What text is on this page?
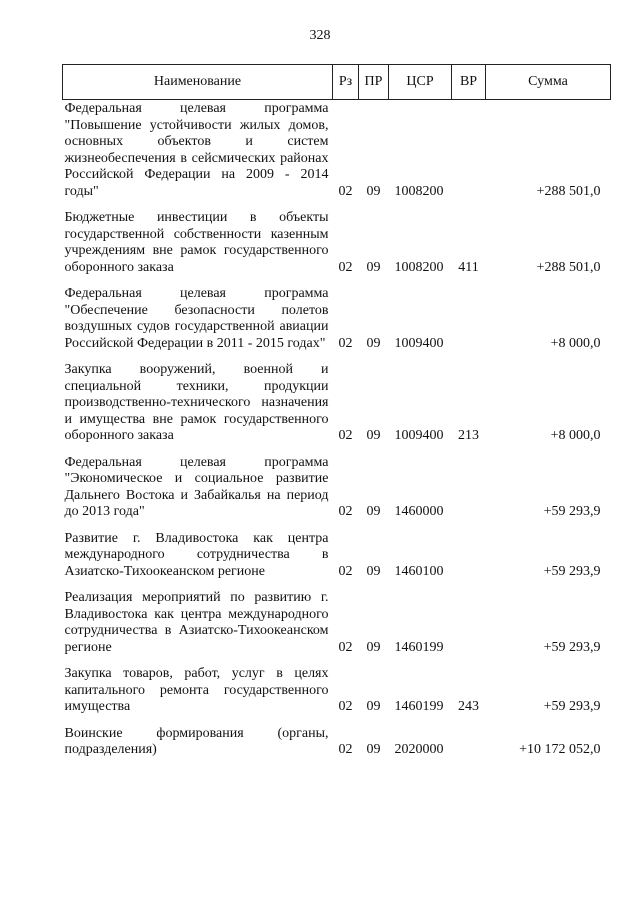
328
Наименование	Рз	ПР	ЦСР	ВР	Сумма
Федеральная целевая программа "Повышение устойчивости жилых домов, основных объектов и систем жизнеобеспечения в сейсмических районах Российской Федерации на 2009 - 2014 годы"	02	09	1008200		+288 501,0
Бюджетные инвестиции в объекты государственной собственности казенным учреждениям вне рамок государственного оборонного заказа	02	09	1008200	411	+288 501,0
Федеральная целевая программа "Обеспечение безопасности полетов воздушных судов государственной авиации Российской Федерации в 2011 - 2015 годах"	02	09	1009400		+8 000,0
Закупка вооружений, военной и специальной техники, продукции производственно-технического назначения и имущества вне рамок государственного оборонного заказа	02	09	1009400	213	+8 000,0
Федеральная целевая программа "Экономическое и социальное развитие Дальнего Востока и Забайкалья на период до 2013 года"	02	09	1460000		+59 293,9
Развитие г. Владивостока как центра международного сотрудничества в Азиатско-Тихоокеанском регионе	02	09	1460100		+59 293,9
Реализация мероприятий по развитию г. Владивостока как центра международного сотрудничества в Азиатско-Тихоокеанском регионе	02	09	1460199		+59 293,9
Закупка товаров, работ, услуг в целях капитального ремонта государственного имущества	02	09	1460199	243	+59 293,9
Воинские формирования (органы, подразделения)	02	09	2020000		+10 172 052,0
